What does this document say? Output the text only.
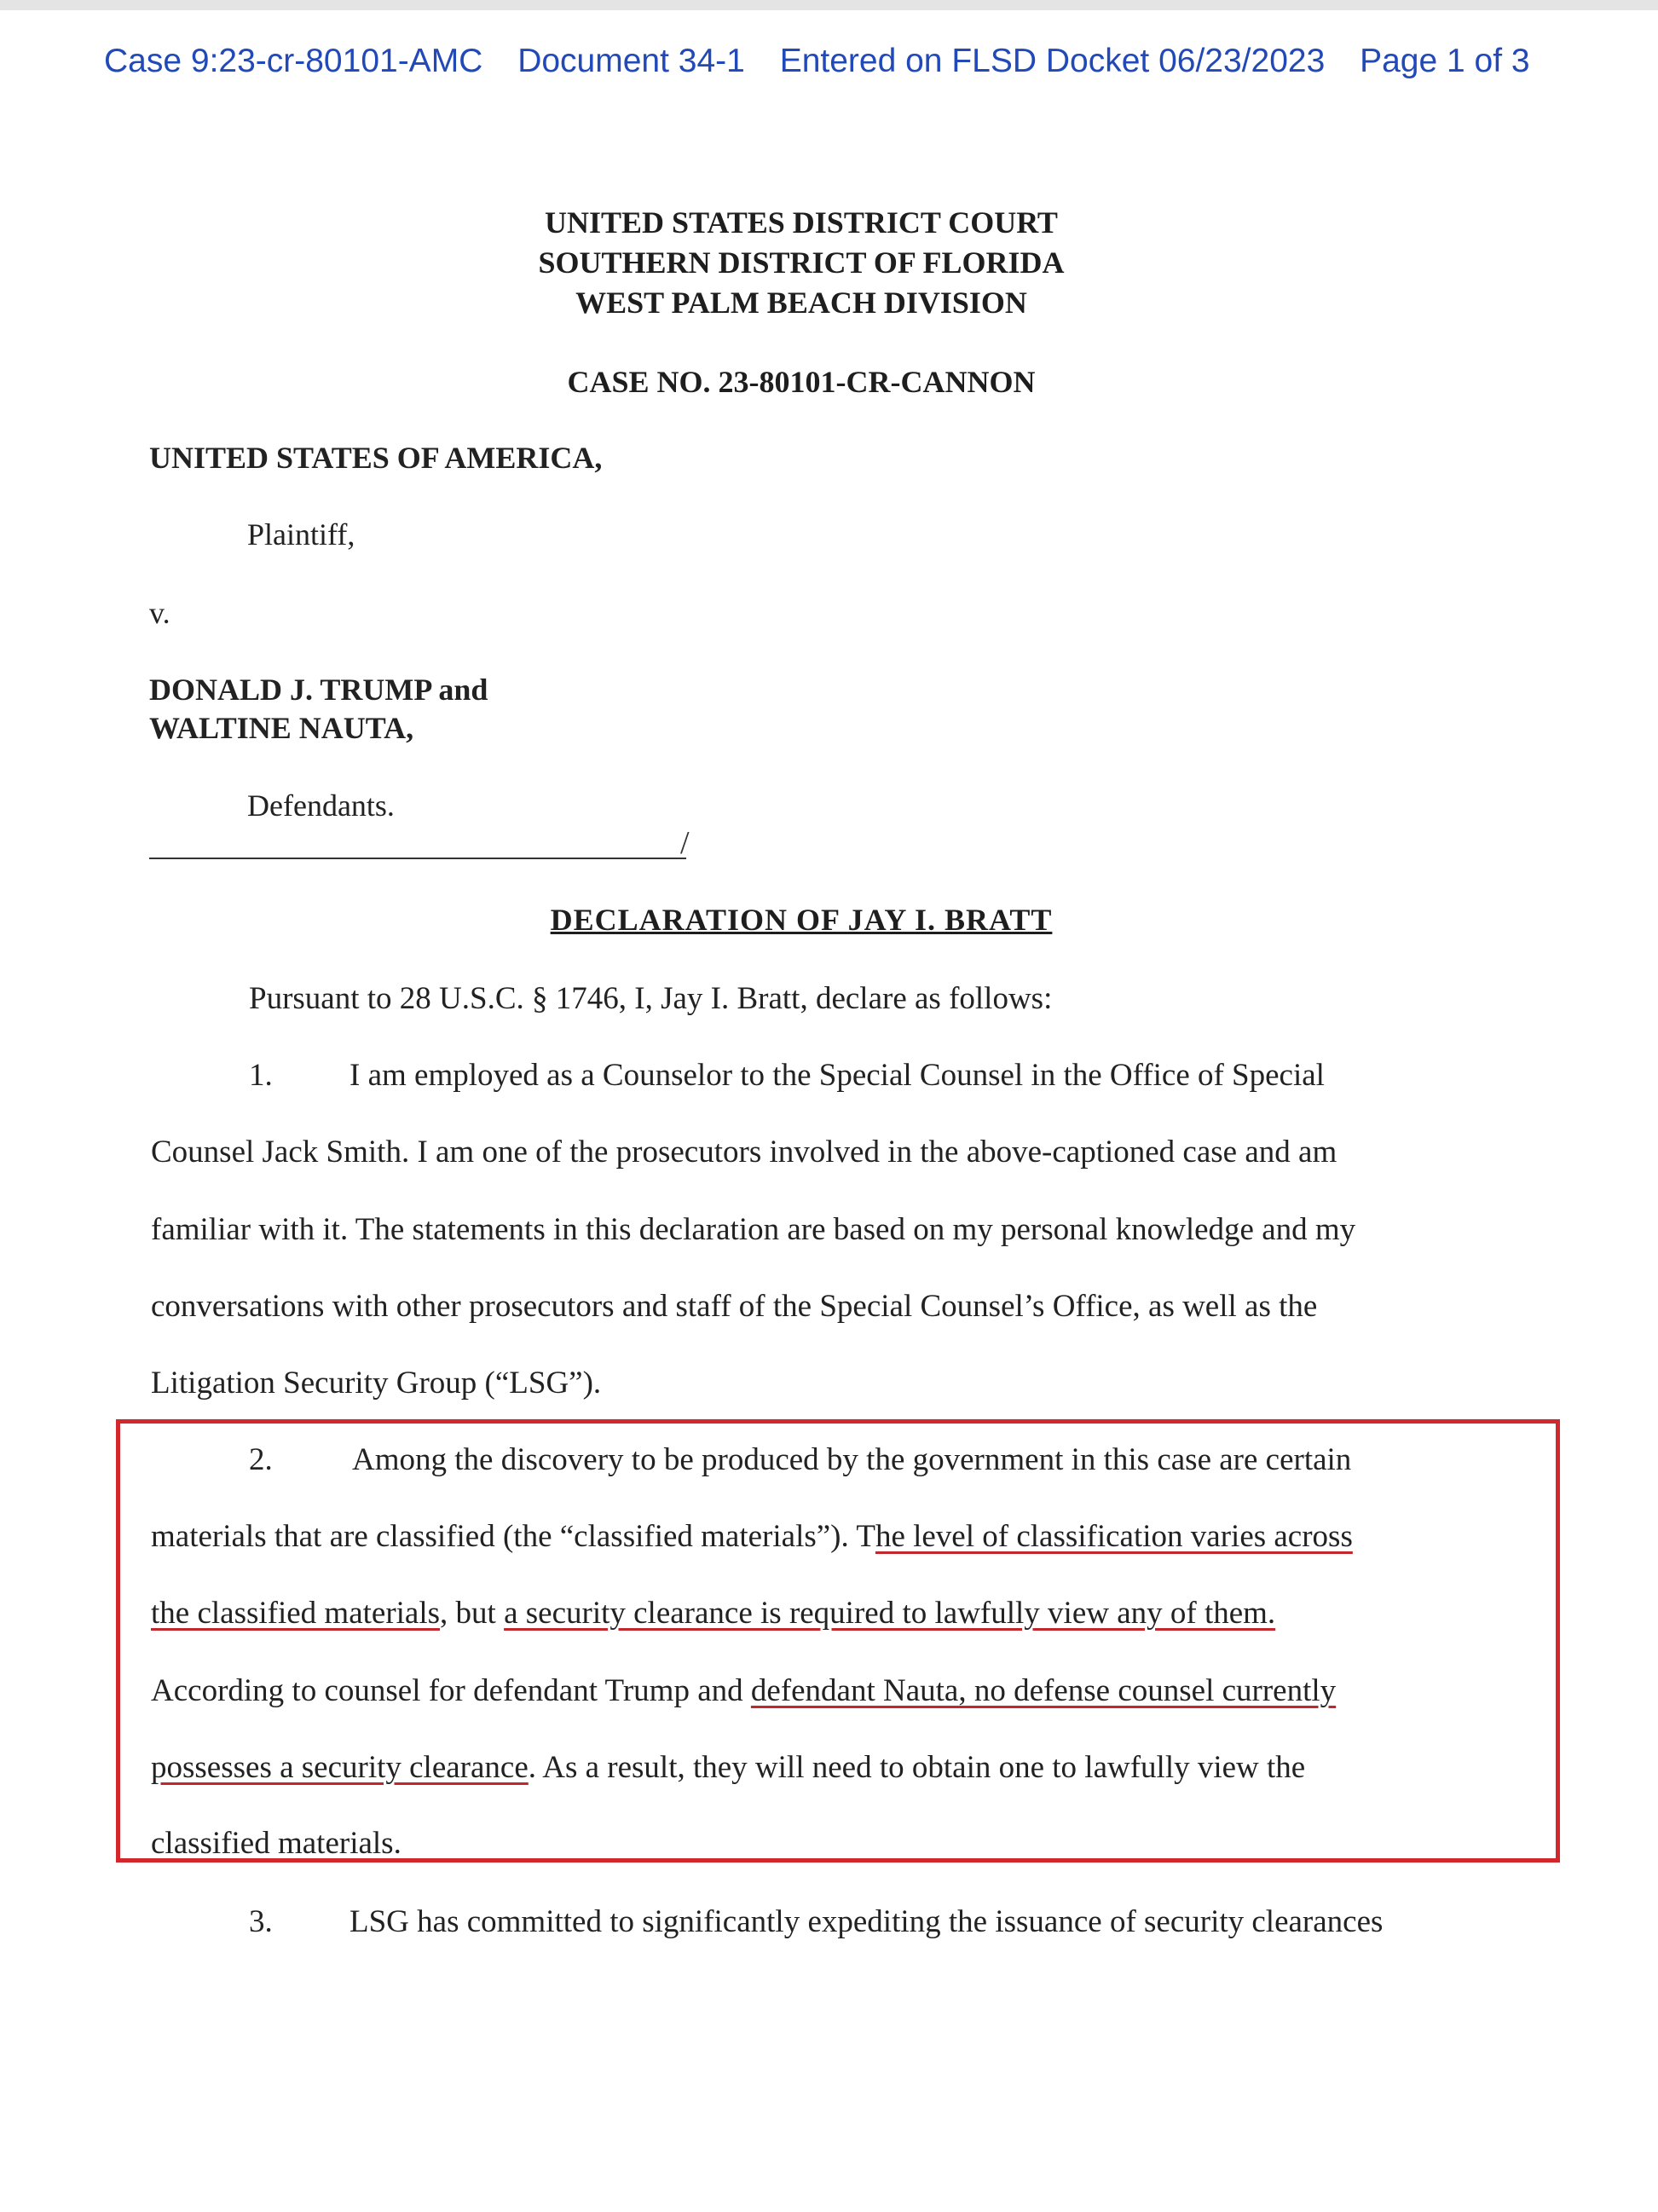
Case 9:23-cr-80101-AMC Document 34-1 Entered on FLSD Docket 06/23/2023 Page 1 of 3
UNITED STATES DISTRICT COURT
SOUTHERN DISTRICT OF FLORIDA
WEST PALM BEACH DIVISION
CASE NO. 23-80101-CR-CANNON
UNITED STATES OF AMERICA,
Plaintiff,
v.
DONALD J. TRUMP and
WALTINE NAUTA,
Defendants.
/
DECLARATION OF JAY I. BRATT
Pursuant to 28 U.S.C. § 1746, I, Jay I. Bratt, declare as follows:
1. I am employed as a Counselor to the Special Counsel in the Office of Special
Counsel Jack Smith. I am one of the prosecutors involved in the above-captioned case and am
familiar with it. The statements in this declaration are based on my personal knowledge and my
conversations with other prosecutors and staff of the Special Counsel’s Office, as well as the
Litigation Security Group (“LSG”).
2.	Among the discovery to be produced by the government in this case are certain
materials that are classified (the “classified materials”). The level of classification varies across
the classified materials, but a security clearance is required to lawfully view any of them.
According to counsel for defendant Trump and defendant Nauta, no defense counsel currently
possesses a security clearance. As a result, they will need to obtain one to lawfully view the
classified materials.
3. LSG has committed to significantly expediting the issuance of security clearances
